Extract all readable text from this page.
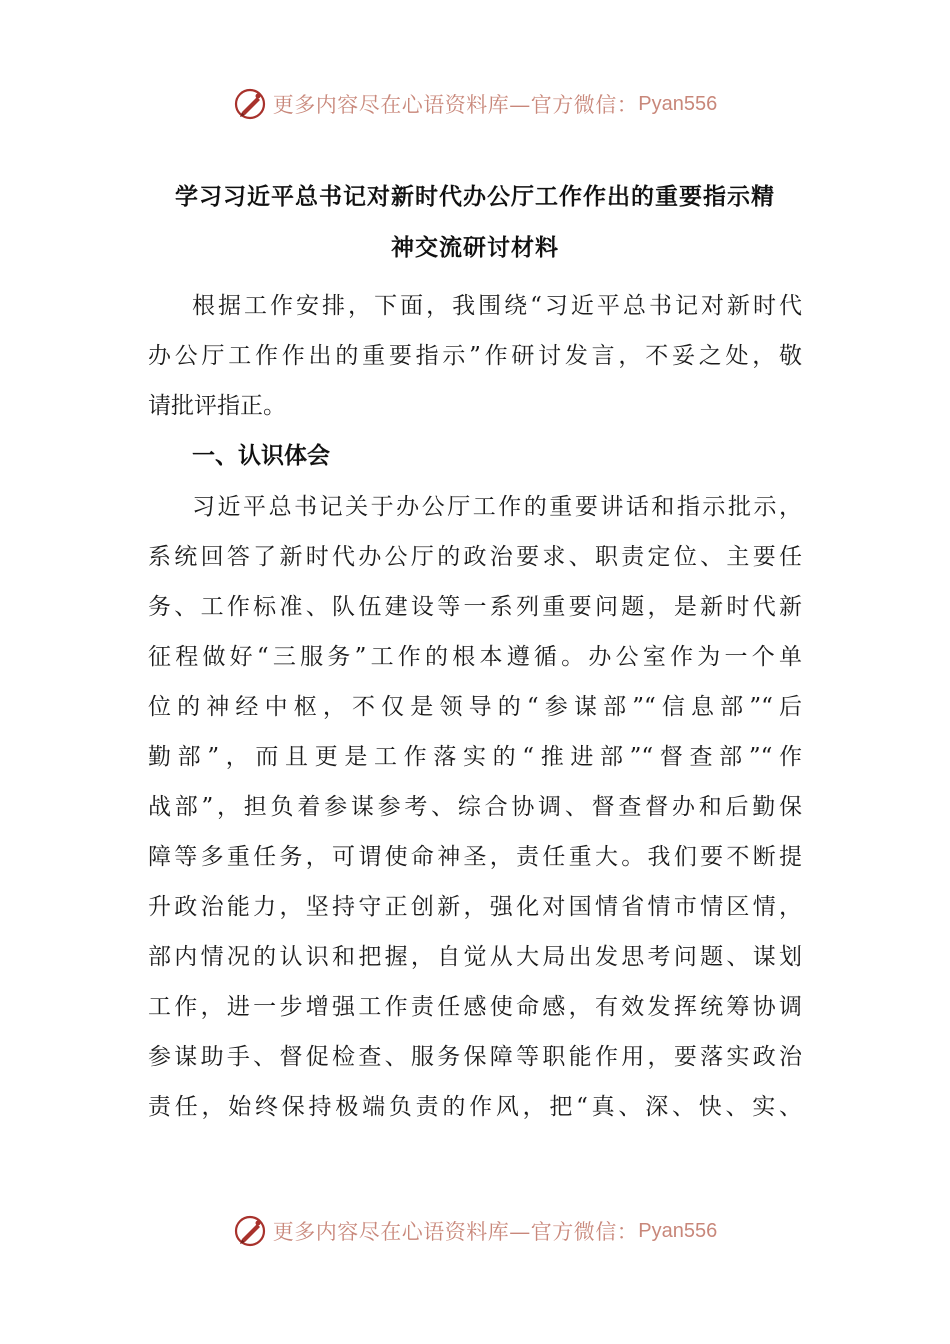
更多内容尽在心语资料库—官方微信： Pyan556
学习习近平总书记对新时代办公厅工作作出的重要指示精
神交流研讨材料
根据工作安排，下面，我围绕“习近平总书记对新时代
办公厅工作作出的重要指示”作研讨发言，不妥之处，敬
请批评指正。
一、认识体会
习近平总书记关于办公厅工作的重要讲话和指示批示，
系统回答了新时代办公厅的政治要求、职责定位、主要任
务、工作标准、队伍建设等一系列重要问题，是新时代新
征程做好“三服务”工作的根本遵循。办公室作为一个单
位的神经中枢，不仅是领导的“参谋部”“信息部”“后
勤部”，而且更是工作落实的“推进部”“督查部”“作
战部”，担负着参谋参考、综合协调、督查督办和后勤保
障等多重任务，可谓使命神圣，责任重大。我们要不断提
升政治能力，坚持守正创新，强化对国情省情市情区情，
部内情况的认识和把握，自觉从大局出发思考问题、谋划
工作，进一步增强工作责任感使命感，有效发挥统筹协调
参谋助手、督促检查、服务保障等职能作用，要落实政治
责任，始终保持极端负责的作风，把“真、深、快、实、
更多内容尽在心语资料库—官方微信： Pyan556
